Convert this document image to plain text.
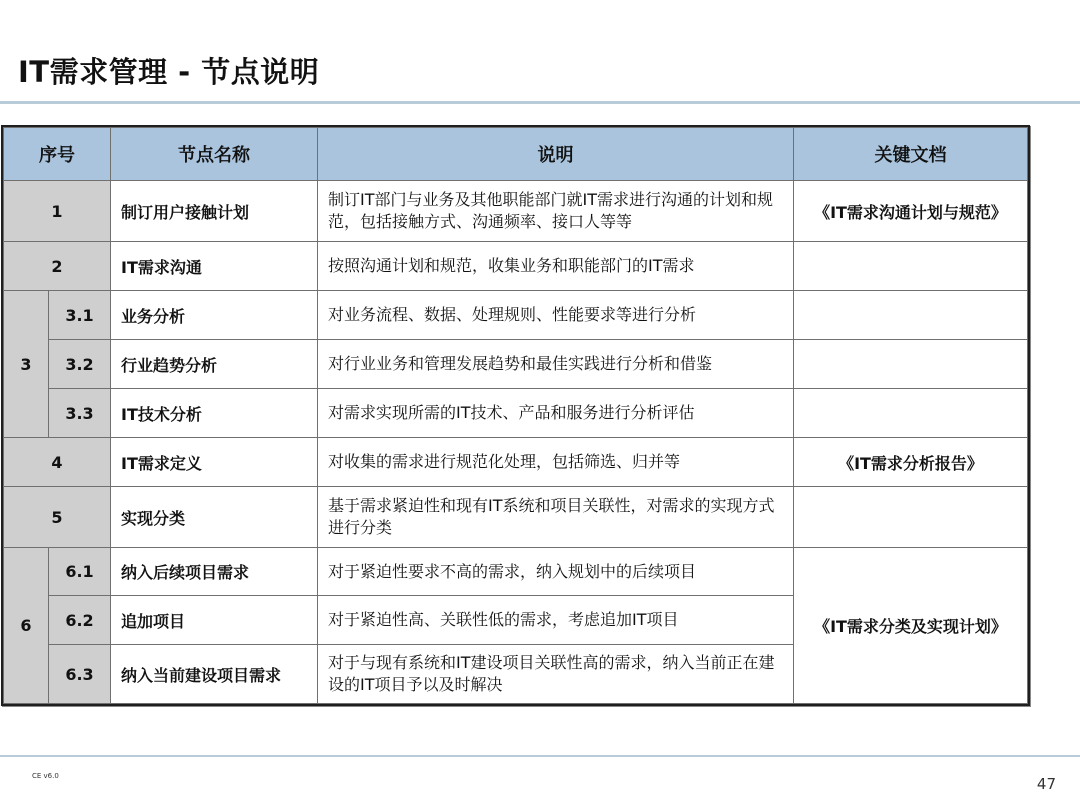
IT需求管理 - 节点说明
序号		节点名称	说明	关键文档
1		制订用户接触计划	制订IT部门与业务及其他职能部门就IT需求进行沟通的计划和规范，包括接触方式、沟通频率、接口人等等	《IT需求沟通计划与规范》
2		IT需求沟通	按照沟通计划和规范，收集业务和职能部门的IT需求	
3	3.1	业务分析	对业务流程、数据、处理规则、性能要求等进行分析	
	3.2	行业趋势分析	对行业业务和管理发展趋势和最佳实践进行分析和借鉴	
	3.3	IT技术分析	对需求实现所需的IT技术、产品和服务进行分析评估	
4		IT需求定义	对收集的需求进行规范化处理，包括筛选、归并等	《IT需求分析报告》
5		实现分类	基于需求紧迫性和现有IT系统和项目关联性，对需求的实现方式进行分类	
6	6.1	纳入后续项目需求	对于紧迫性要求不高的需求，纳入规划中的后续项目	《IT需求分类及实现计划》
	6.2	追加项目	对于紧迫性高、关联性低的需求，考虑追加IT项目	
	6.3	纳入当前建设项目需求	对于与现有系统和IT建设项目关联性高的需求，纳入当前正在建设的IT项目予以及时解决	
CE v6.0	47
